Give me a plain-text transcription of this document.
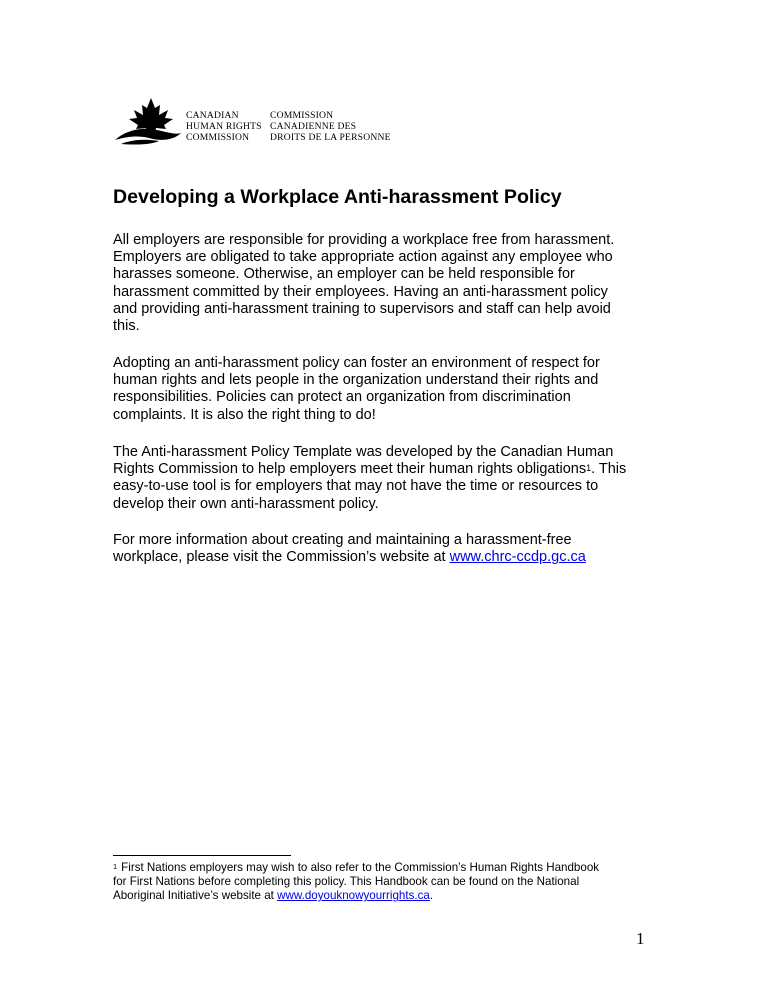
CANADIAN
HUMAN RIGHTS
COMMISSION
COMMISSION
CANADIENNE DES
DROITS DE LA PERSONNE
Developing a Workplace Anti-harassment Policy

All employers are responsible for providing a workplace free from harassment.
Employers are obligated to take appropriate action against any employee who
harasses someone. Otherwise, an employer can be held responsible for
harassment committed by their employees. Having an anti-harassment policy
and providing anti-harassment training to supervisors and staff can help avoid
this.

Adopting an anti-harassment policy can foster an environment of respect for
human rights and lets people in the organization understand their rights and
responsibilities. Policies can protect an organization from discrimination
complaints. It is also the right thing to do!

The Anti-harassment Policy Template was developed by the Canadian Human
Rights Commission to help employers meet their human rights obligations$^1$. This
easy-to-use tool is for employers that may not have the time or resources to
develop their own anti-harassment policy.

For more information about creating and maintaining a harassment-free
workplace, please visit the Commission’s website at www.chrc-ccdp.gc.ca

$^1$ First Nations employers may wish to also refer to the Commission’s Human Rights Handbook
for First Nations before completing this policy. This Handbook can be found on the National
Aboriginal Initiative’s website at www.doyouknowyourrights.ca.
1
